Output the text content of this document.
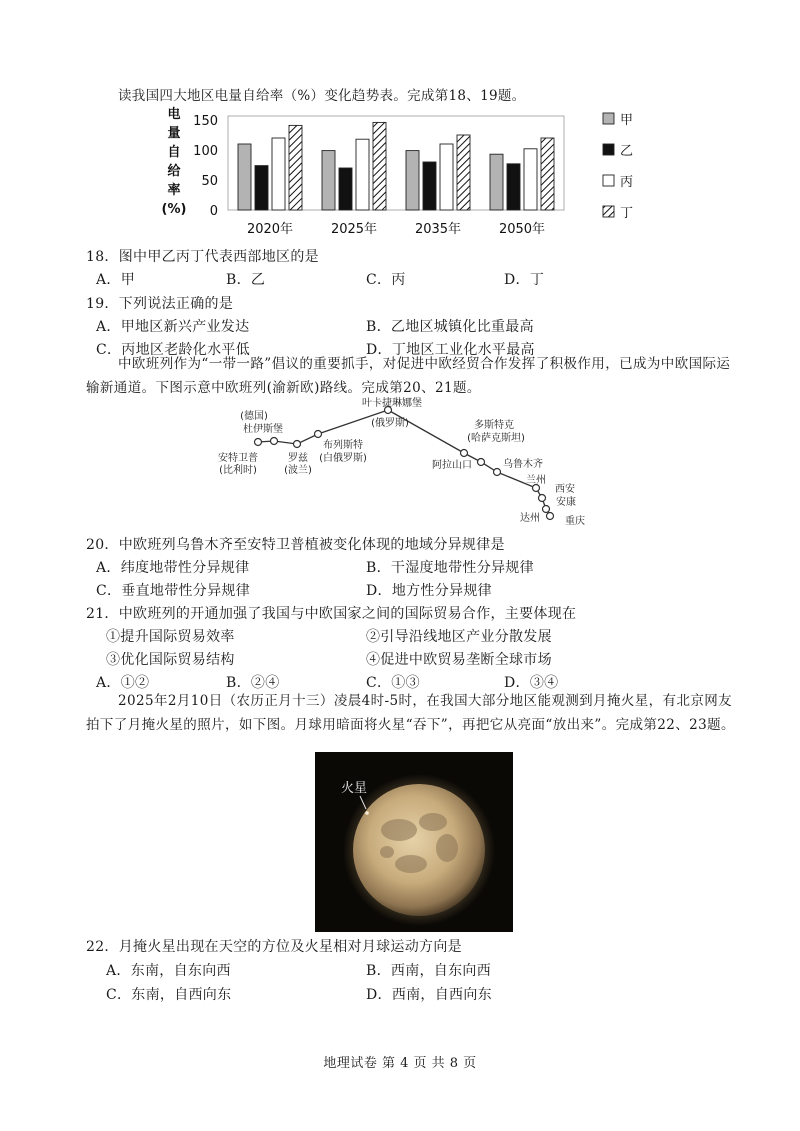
读我国四大地区电量自给率（%）变化趋势表。完成第18、19题。
电
量
自
给
率
(%) 0
50
100
150
2020年	2025年	2035年	2050年
甲
乙
丙
丁
18．图中甲乙丙丁代表西部地区的是
A．甲	B．乙	C．丙	D．丁
19．下列说法正确的是
A．甲地区新兴产业发达	B．乙地区城镇化比重最高
C．丙地区老龄化水平低	D．丁地区工业化水平最高
中欧班列作为“一带一路”倡议的重要抓手，对促进中欧经贸合作发挥了积极作用，已成为中欧国际运输新通道。下图示意中欧班列(渝新欧)路线。完成第20、21题。
(德国)
杜伊斯堡
安特卫普
(比利时)
罗兹
(波兰)
布列斯特
(白俄罗斯)
叶卡捷琳娜堡
(俄罗斯)	多斯特克
(哈萨克斯坦)
阿拉山口	乌鲁木齐
兰州
西安
安康
达州	重庆
20．中欧班列乌鲁木齐至安特卫普植被变化体现的地域分异规律是
A．纬度地带性分异规律	B．干湿度地带性分异规律
C．垂直地带性分异规律	D．地方性分异规律
21．中欧班列的开通加强了我国与中欧国家之间的国际贸易合作，主要体现在
①提升国际贸易效率	②引导沿线地区产业分散发展
③优化国际贸易结构	④促进中欧贸易垄断全球市场
A．①②	B．②④	C．①③	D．③④
2025年2月10日（农历正月十三）凌晨4时-5时，在我国大部分地区能观测到月掩火星，有北京网友拍下了月掩火星的照片，如下图。月球用暗面将火星“吞下”，再把它从亮面“放出来”。完成第22、23题。
火星
22．月掩火星出现在天空的方位及火星相对月球运动方向是
A．东南，自东向西	B．西南，自东向西
C．东南，自西向东	D．西南，自西向东
地理试卷 第 4 页 共 8 页
